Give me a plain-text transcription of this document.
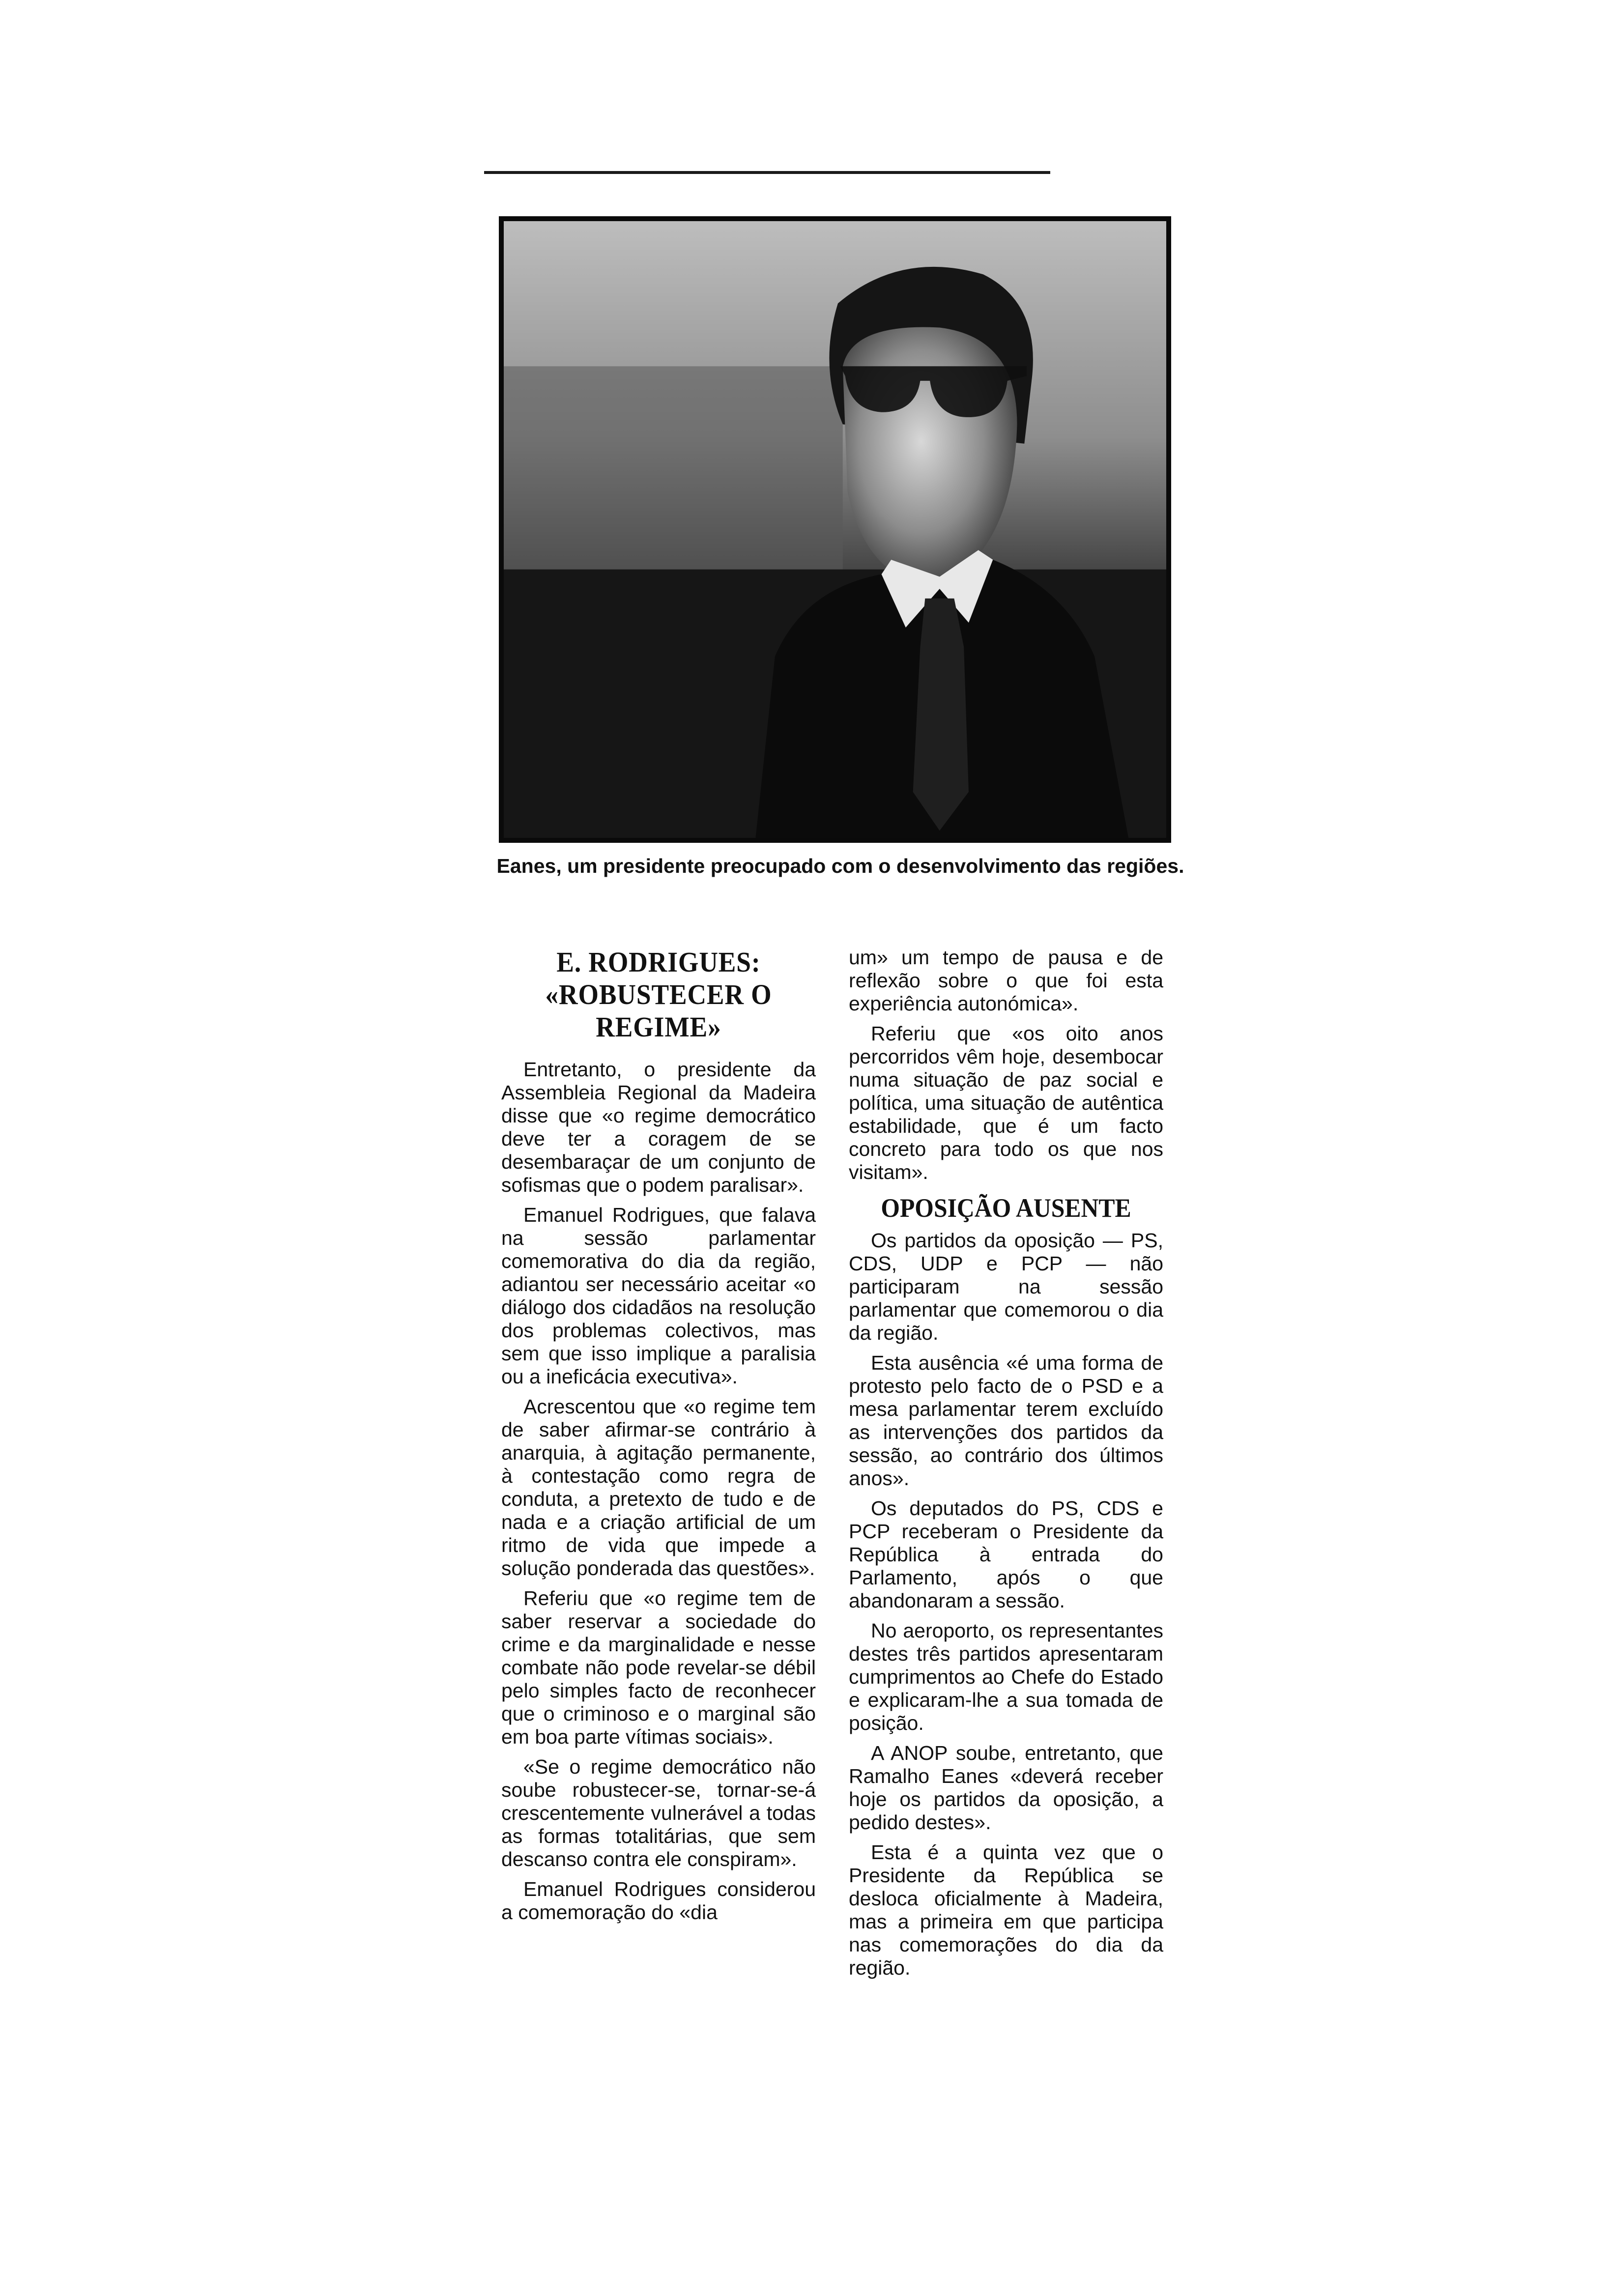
Eanes, um presidente preocupado com o desenvolvimento das regiões.
E. RODRIGUES:
«ROBUSTECER O REGIME»

Entretanto, o presidente da Assembleia Regional da Madeira disse que «o regime democrático deve ter a coragem de se desembaraçar de um conjunto de sofismas que o podem paralisar».

Emanuel Rodrigues, que falava na sessão parlamentar comemorativa do dia da região, adiantou ser necessário aceitar «o diálogo dos cidadãos na resolução dos problemas colectivos, mas sem que isso implique a paralisia ou a ineficácia executiva».

Acrescentou que «o regime tem de saber afirmar-se contrário à anarquia, à agitação permanente, à contestação como regra de conduta, a pretexto de tudo e de nada e a criação artificial de um ritmo de vida que impede a solução ponderada das questões».

Referiu que «o regime tem de saber reservar a sociedade do crime e da marginalidade e nesse combate não pode revelar-se débil pelo simples facto de reconhecer que o criminoso e o marginal são em boa parte vítimas sociais».

«Se o regime democrático não soube robustecer-se, tornar-se-á crescentemente vulnerável a todas as formas totalitárias, que sem descanso contra ele conspiram».

Emanuel Rodrigues considerou a comemoração do «dia

um» um tempo de pausa e de reflexão sobre o que foi esta experiência autonómica».

Referiu que «os oito anos percorridos vêm hoje, desembocar numa situação de paz social e política, uma situação de autêntica estabilidade, que é um facto concreto para todo os que nos visitam».

OPOSIÇÃO AUSENTE

Os partidos da oposição — PS, CDS, UDP e PCP — não participaram na sessão parlamentar que comemorou o dia da região.

Esta ausência «é uma forma de protesto pelo facto de o PSD e a mesa parlamentar terem excluído as intervenções dos partidos da sessão, ao contrário dos últimos anos».

Os deputados do PS, CDS e PCP receberam o Presidente da República à entrada do Parlamento, após o que abandonaram a sessão.

No aeroporto, os representantes destes três partidos apresentaram cumprimentos ao Chefe do Estado e explicaram-lhe a sua tomada de posição.

A ANOP soube, entretanto, que Ramalho Eanes «deverá receber hoje os partidos da oposição, a pedido destes».

Esta é a quinta vez que o Presidente da República se desloca oficialmente à Madeira, mas a primeira em que participa nas comemorações do dia da região.
